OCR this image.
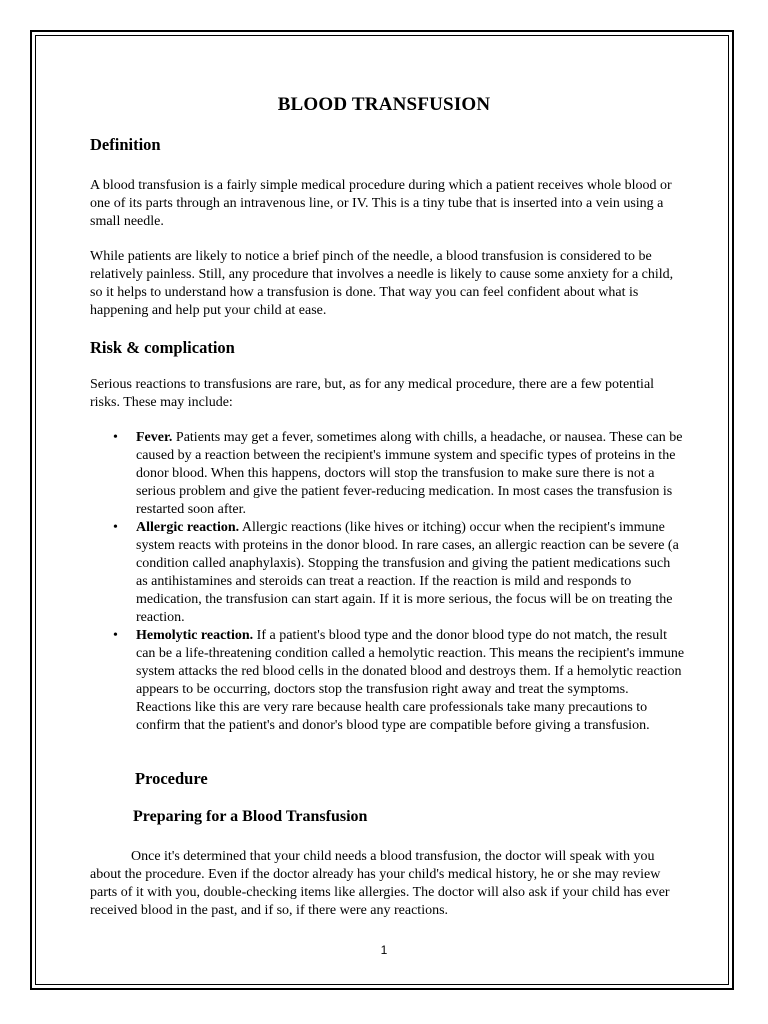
BLOOD TRANSFUSION
Definition

A blood transfusion is a fairly simple medical procedure during which a patient receives whole blood or one of its parts through an intravenous line, or IV. This is a tiny tube that is inserted into a vein using a small needle.

While patients are likely to notice a brief pinch of the needle, a blood transfusion is considered to be relatively painless. Still, any procedure that involves a needle is likely to cause some anxiety for a child, so it helps to understand how a transfusion is done. That way you can feel confident about what is happening and help put your child at ease.

Risk & complication

Serious reactions to transfusions are rare, but, as for any medical procedure, there are a few potential risks. These may include:

• Fever. Patients may get a fever, sometimes along with chills, a headache, or nausea. These can be caused by a reaction between the recipient's immune system and specific types of proteins in the donor blood. When this happens, doctors will stop the transfusion to make sure there is not a serious problem and give the patient fever-reducing medication. In most cases the transfusion is restarted soon after.
• Allergic reaction. Allergic reactions (like hives or itching) occur when the recipient's immune system reacts with proteins in the donor blood. In rare cases, an allergic reaction can be severe (a condition called anaphylaxis). Stopping the transfusion and giving the patient medications such as antihistamines and steroids can treat a reaction. If the reaction is mild and responds to medication, the transfusion can start again. If it is more serious, the focus will be on treating the reaction.
• Hemolytic reaction. If a patient's blood type and the donor blood type do not match, the result can be a life-threatening condition called a hemolytic reaction. This means the recipient's immune system attacks the red blood cells in the donated blood and destroys them. If a hemolytic reaction appears to be occurring, doctors stop the transfusion right away and treat the symptoms. Reactions like this are very rare because health care professionals take many precautions to confirm that the patient's and donor's blood type are compatible before giving a transfusion.
Procedure
Preparing for a Blood Transfusion

Once it's determined that your child needs a blood transfusion, the doctor will speak with you about the procedure. Even if the doctor already has your child's medical history, he or she may review parts of it with you, double-checking items like allergies. The doctor will also ask if your child has ever received blood in the past, and if so, if there were any reactions.

1
